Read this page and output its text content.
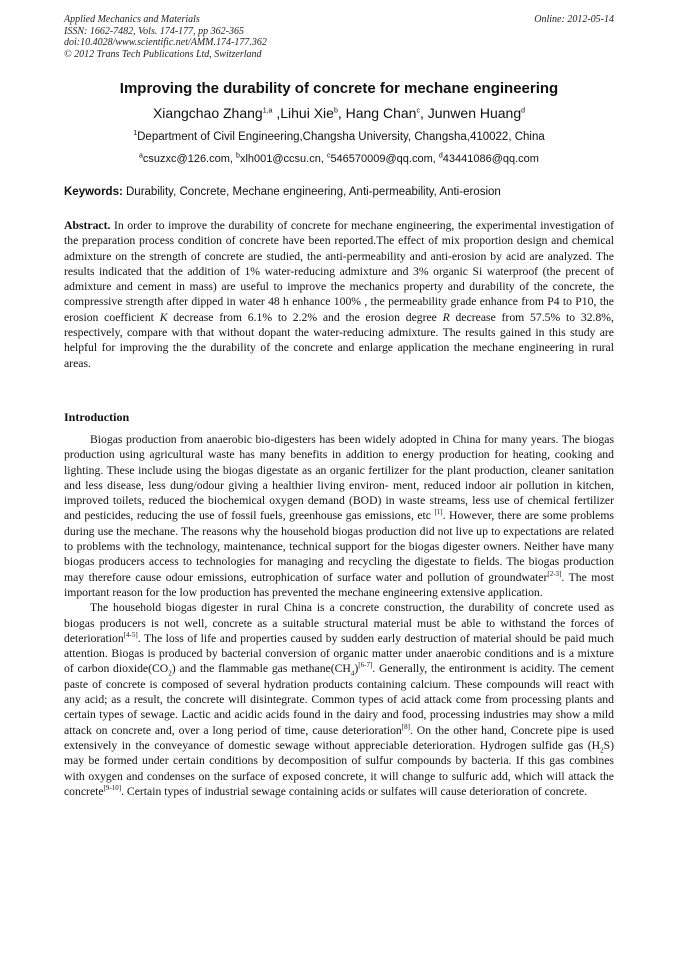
Applied Mechanics and Materials
ISSN: 1662-7482, Vols. 174-177, pp 362-365
doi:10.4028/www.scientific.net/AMM.174-177.362
© 2012 Trans Tech Publications Ltd, Switzerland
Online: 2012-05-14
Improving the durability of concrete for mechane engineering
Xiangchao Zhang$^{1,a}$ ,Lihui Xie$^b$, Hang Chan$^c$, Junwen Huang$^d$
$^1$Department of Civil Engineering,Changsha University, Changsha,410022, China
$^a$csuzxc@126.com, $^b$xlh001@ccsu.cn, $^c$546570009@qq.com, $^d$43441086@qq.com
Keywords: Durability, Concrete, Mechane engineering, Anti-permeability, Anti-erosion
Abstract. In order to improve the durability of concrete for mechane engineering, the experimental investigation of the preparation process condition of concrete have been reported.The effect of mix proportion design and chemical admixture on the strength of concrete are studied, the anti-permeability and anti-erosion by acid are analyzed. The results indicated that the addition of 1% water-reducing admixture and 3% organic Si waterproof (the precent of admixture and cement in mass) are useful to improve the mechanics property and durability of the concrete, the compressive strength after dipped in water 48 h enhance 100% , the permeability grade enhance from P4 to P10, the erosion coefficient K decrease from 6.1% to 2.2% and the erosion degree R decrease from 57.5% to 32.8%, respectively, compare with that without dopant the water-reducing admixture. The results gained in this study are helpful for improving the the durability of the concrete and enlarge application the mechane engineering in rural areas.
Introduction

Biogas production from anaerobic bio-digesters has been widely adopted in China for many years. The biogas production using agricultural waste has many benefits in addition to energy production for heating, cooking and lighting. These include using the biogas digestate as an organic fertilizer for the plant production, cleaner sanitation and less disease, less dung/odour giving a healthier living environ- ment, reduced indoor air pollution in kitchen, improved toilets, reduced the biochemical oxygen demand (BOD) in waste streams, less use of chemical fertilizer and pesticides, reducing the use of fossil fuels, greenhouse gas emissions, etc [1]. However, there are some problems during use the mechane. The reasons why the household biogas production did not live up to expectations are related to problems with the technology, maintenance, technical support for the biogas digester owners. Neither have many biogas producers access to technologies for managing and recycling the digestate to fields. The biogas production may therefore cause odour emissions, eutrophication of surface water and pollution of groundwater[2-3]. The most important reason for the low production has prevented the mechane engineering extensive application.

The household biogas digester in rural China is a concrete construction, the durability of concrete used as biogas producers is not well, concrete as a suitable structural material must be able to withstand the forces of deterioration[4-5]. The loss of life and properties caused by sudden early destruction of material should be paid much attention. Biogas is produced by bacterial conversion of organic matter under anaerobic conditions and is a mixture of carbon $dioxide(CO_2)$ and the flammable gas $methane(CH_4)[6-7]$. Generally, the entironment is acidity. The cement paste of concrete is composed of several hydration products containing calcium. These compounds will react with any acid; as a result, the concrete will disintegrate. Common types of acid attack come from processing plants and certain types of sewage. Lactic and acidic acids found in the dairy and food, processing industries may show a mild attack on concrete and, over a long period of time, cause deterioration[8]. On the other hand, Concrete pipe is used extensively in the conveyance of domestic sewage without appreciable deterioration. Hydrogen sulfide gas $(H_2S)$ may be formed under certain conditions by decomposition of sulfur compounds by bacteria. If this gas combines with oxygen and condenses on the surface of exposed concrete, it will change to sulfuric add, which will attack the concrete[9-10]. Certain types of industrial sewage containing acids or sulfates will cause deterioration of concrete.
